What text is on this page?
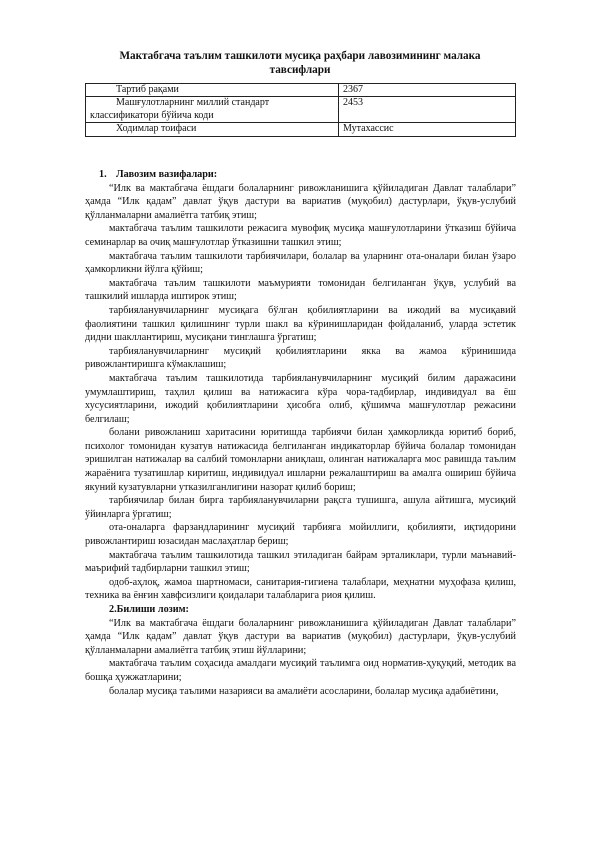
Мактабгача таълим ташкилоти мусиқа раҳбари лавозимининг малака тавсифлари
Тартиб рақами	2367

Машғулотларнинг миллий стандарт
классификатори бўйича коди	2453

Ходимлар тоифаси	Мутахассис

1. Лавозим вазифалари:

“Илк ва мактабгача ёшдаги болаларнинг ривожланишига қўйиладиган Давлат талаблари” ҳамда “Илк қадам” давлат ўқув дастури ва вариатив (муқобил) дастурлари, ўқув-услубий қўлланмаларни амалиётга татбиқ этиш;

мактабгача таълим ташкилоти режасига мувофиқ мусиқа машғулотларини ўтказиш бўйича семинарлар ва очиқ машғулотлар ўтказишни ташкил этиш;

мактабгача таълим ташкилоти тарбиячилари, болалар ва уларнинг ота-оналари билан ўзаро ҳамкорликни йўлга қўйиш;

мактабгача таълим ташкилоти маъмурияти томонидан белгиланган ўқув, услубий ва ташкилий ишларда иштирок этиш;

тарбияланувчиларнинг мусиқага бўлган қобилиятларини ва ижодий ва мусиқавий фаолиятини ташкил қилишнинг турли шакл ва кўринишларидан фойдаланиб, уларда эстетик дидни шакллантириш, мусиқани тинглашга ўргатиш;

тарбияланувчиларнинг мусиқий қобилиятларини якка ва жамоа кўринишида ривожлантиришга кўмаклашиш;

мактабгача таълим ташкилотида тарбияланувчиларнинг мусиқий билим даражасини умумлаштириш, таҳлил қилиш ва натижасига кўра чора-тадбирлар, индивидуал ва ёш хусусиятларини, ижодий қобилиятларини ҳисобга олиб, қўшимча машғулотлар режасини белгилаш;

болани ривожланиш харитасини юритишда тарбиячи билан ҳамкорликда юритиб бориб, психолог томонидан кузатув натижасида белгиланган индикаторлар бўйича болалар томонидан эришилган натижалар ва салбий томонларни аниқлаш, олинган натижаларга мос равишда таълим жараёнига тузатишлар киритиш, индивидуал ишларни режалаштириш ва амалга ошириш бўйича якуний кузатувларни утказилганлигини назорат қилиб бориш;

тарбиячилар билан бирга тарбияланувчиларни рақсга тушишга, ашула айтишга, мусиқий ўйинларга ўргатиш;

ота-оналарга фарзандларининг мусиқий тарбияга мойиллиги, қобилияти, иқтидорини ривожлантириш юзасидан маслаҳатлар бериш;

мактабгача таълим ташкилотида ташкил этиладиган байрам эрталиклари, турли маънавий-маърифий тадбирларни ташкил этиш;

одоб-аҳлоқ, жамоа шартномаси, санитария-гигиена талаблари, меҳнатни муҳофаза қилиш, техника ва ёнғин хавфсизлиги қоидалари талабларига риоя қилиш.

2.Билиши лозим:

“Илк ва мактабгача ёшдаги болаларнинг ривожланишига қўйиладиган Давлат талаблари” ҳамда “Илк қадам” давлат ўқув дастури ва вариатив (муқобил) дастурлари, ўқув-услубий қўлланмаларни амалиётга татбиқ этиш йўлларини;

мактабгача таълим соҳасида амалдаги мусиқий таълимга оид норматив-ҳуқуқий, методик ва бошқа ҳужжатларини;

болалар мусиқа таълими назарияси ва амалиёти асосларини, болалар мусиқа адабиётини,
